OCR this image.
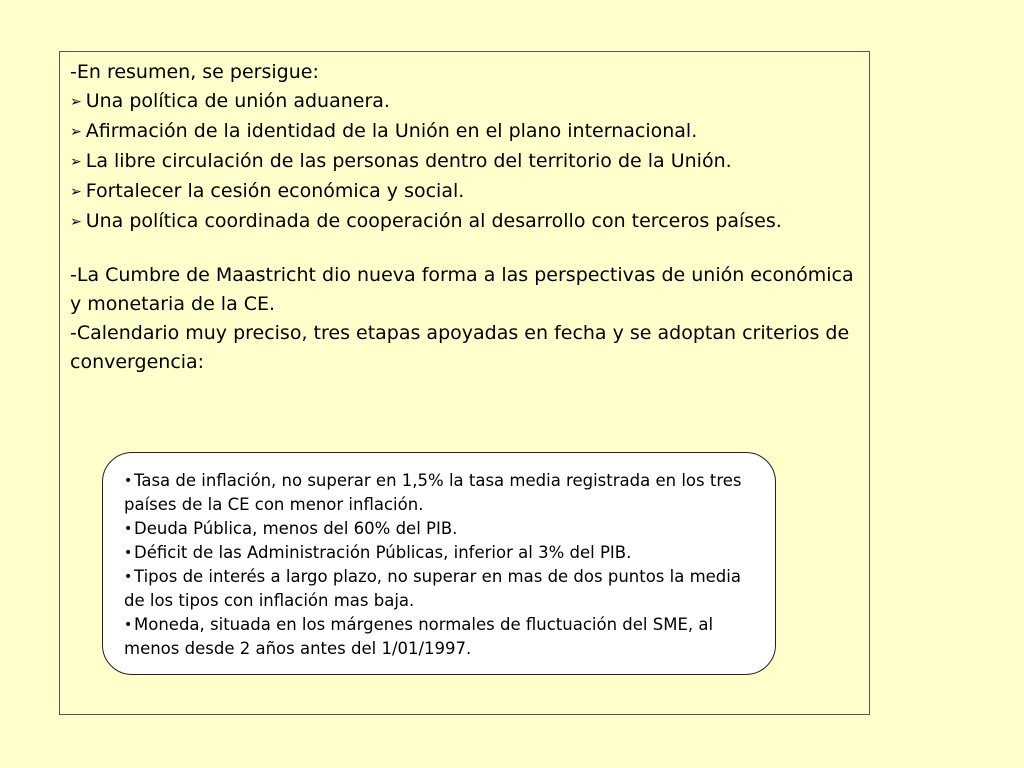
-En resumen, se persigue:
➢ Una política de unión aduanera.
➢ Afirmación de la identidad de la Unión en el plano internacional.
➢ La libre circulación de las personas dentro del territorio de la Unión.
➢ Fortalecer la cesión económica y social.
➢ Una política coordinada de cooperación al desarrollo con terceros países.
-La Cumbre de Maastricht dio nueva forma a las perspectivas de unión económica y monetaria de la CE.
-Calendario muy preciso, tres etapas apoyadas en fecha y se adoptan criterios de convergencia:
• Tasa de inflación, no superar en 1,5% la tasa media registrada en los tres países de la CE con menor inflación.
• Deuda Pública, menos del 60% del PIB.
• Déficit de las Administración Públicas, inferior al 3% del PIB.
• Tipos de interés a largo plazo, no superar en mas de dos puntos la media de los tipos con inflación mas baja.
• Moneda, situada en los márgenes normales de fluctuación del SME, al menos desde 2 años antes del 1/01/1997.
